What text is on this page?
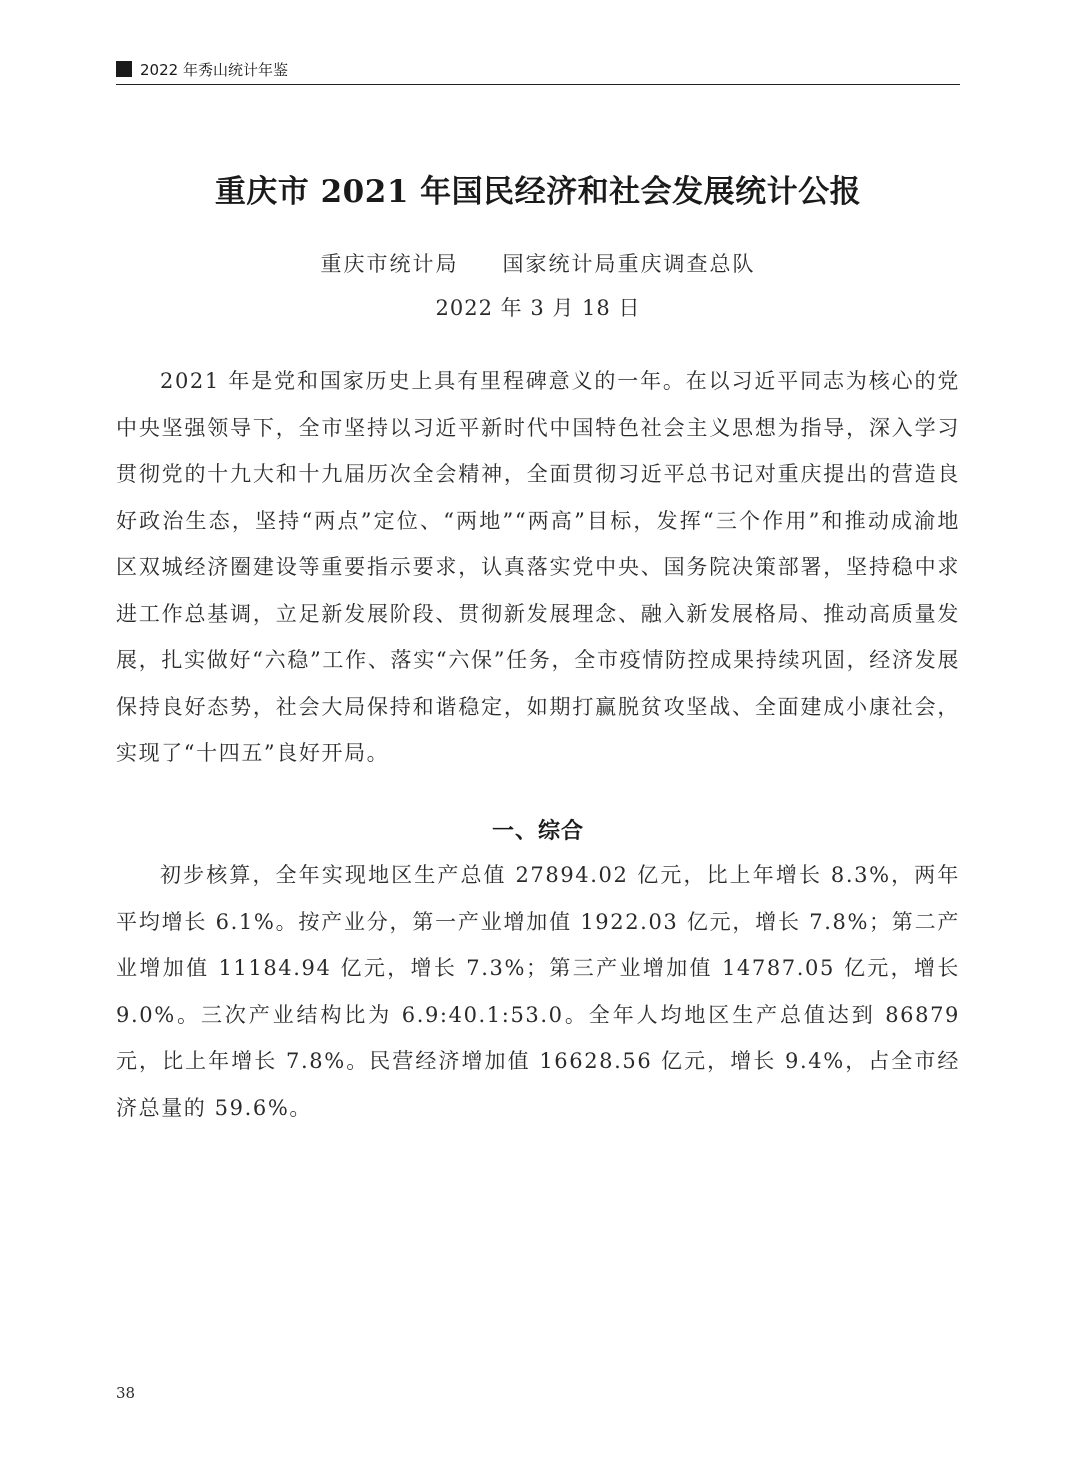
2022 年秀山统计年鉴
重庆市 2021 年国民经济和社会发展统计公报
重庆市统计局 国家统计局重庆调查总队
2022 年 3 月 18 日

2021 年是党和国家历史上具有里程碑意义的一年。在以习近平同志为核心的党中央坚强领导下，全市坚持以习近平新时代中国特色社会主义思想为指导，深入学习贯彻党的十九大和十九届历次全会精神，全面贯彻习近平总书记对重庆提出的营造良好政治生态，坚持“两点”定位、“两地”“两高”目标，发挥“三个作用”和推动成渝地区双城经济圈建设等重要指示要求，认真落实党中央、国务院决策部署，坚持稳中求进工作总基调，立足新发展阶段、贯彻新发展理念、融入新发展格局、推动高质量发展，扎实做好“六稳”工作、落实“六保”任务，全市疫情防控成果持续巩固，经济发展保持良好态势，社会大局保持和谐稳定，如期打赢脱贫攻坚战、全面建成小康社会，实现了“十四五”良好开局。

一、综合

初步核算，全年实现地区生产总值 27894.02 亿元，比上年增长 8.3%，两年平均增长 6.1%。按产业分，第一产业增加值 1922.03 亿元，增长 7.8%；第二产业增加值 11184.94 亿元，增长 7.3%；第三产业增加值 14787.05 亿元，增长 9.0%。三次产业结构比为 6.9:40.1:53.0。全年人均地区生产总值达到 86879 元，比上年增长 7.8%。民营经济增加值 16628.56 亿元，增长 9.4%，占全市经济总量的 59.6%。

38
